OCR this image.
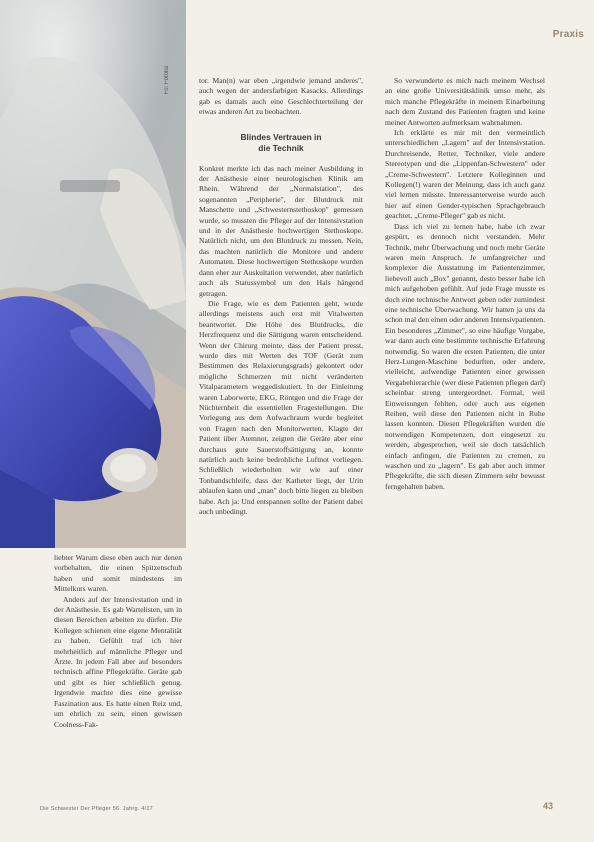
Praxis
Fo: Fotolia

liebter Warum diese eben auch nur denen vorbehalten, die einen Spitzenschuh haben und somit mindestens im Mittelkurs waren.

Anders auf der Intensivstation und in der Anästhesie. Es gab Wartelisten, um in diesen Bereichen arbeiten zu dürfen. Die Kollegen schienen eine eigene Mentalität zu haben. Gefühlt traf ich hier mehrheitlich auf männliche Pfleger und Ärzte. In jedem Fall aber auf besonders technisch affine Pflegekräfte. Geräte gab und gibt es hier schließlich genug. Irgendwie machte dies eine gewisse Faszination aus. Es hatte einen Reiz und, um ehrlich zu sein, einen gewissen Coolness-Fak-

tor. Man(n) war eben „irgendwie jemand anderes", auch wegen der andersfarbigen Kasacks. Allerdings gab es damals auch eine Geschlechterteilung der etwas anderen Art zu beobachten.

Blindes Vertrauen in
die Technik

Konkret merkte ich das nach meiner Ausbildung in der Anästhesie einer neurologischen Klinik am Rhein. Während der „Normalstation", des sogenannten „Peripherie", der Blutdruck mit Manschette und „Schwesternstethoskop" gemessen wurde, so mussten die Pfleger auf der Intensivstation und in der Anästhesie hochwertigen Stethoskope. Natürlich nicht, um den Blutdruck zu messen. Nein, das machten natürlich die Monitore und andere Automaten. Diese hochwertigen Stethoskope wurden dann eher zur Auskultation verwendet, aber natürlich auch als Statussymbol um den Hals hängend getragen.

Die Frage, wie es dem Patienten geht, wurde allerdings meistens auch erst mit Vitalwerten beantwortet. Die Höhe des Blutdrucks, die Herzfrequenz und die Sättigung waren entscheidend. Wenn der Chirurg meinte, dass der Patient presst, wurde dies mit Werten des TOF (Gerät zum Bestimmen des Relaxierungsgrads) gekontert oder mögliche Schmerzen mit nicht veränderten Vitalparametern weggediskutiert. In der Einleitung waren Laborwerte, EKG, Röntgen und die Frage der Nüchternheit die essentiellen Fragestellungen. Die Vorlegung aus dem Aufwachraum wurde begleitet von Fragen nach den Monitorwerten. Klagte der Patient über Atemnot, zeigten die Geräte aber eine durchaus gute Sauerstoffsättigung an, konnte natürlich auch keine bedrohliche Luftnot vorliegen. Schließlich wiederholten wir wie auf einer Tonbandschleife, dass der Katheter liegt, der Urin ablaufen kann und „man" doch bitte liegen zu bleiben habe. Ach ja: Und entspannen sollte der Patient dabei auch unbedingt.

So verwunderte es mich nach meinem Wechsel an eine große Universitätsklinik umso mehr, als mich manche Pflegekräfte in meinem Einarbeitung nach dem Zustand des Patienten fragten und keine meiner Antworten aufmerksam wahrnahmen.

Ich erklärte es mir mit den vermeintlich unterschiedlichen „Lagern" auf der Intensivstation. Durchreisende, Retter, Techniker, viele andere Stereotypen und die „Lippenfan-Schwestern" oder „Creme-Schwestern". Letztere Kolleginnen und Kollegen(!) waren der Meinung, dass ich auch ganz viel lernen müsste. Interessanterweise wurde auch hier auf einen Gender-typischen Sprachgebrauch geachtet, „Creme-Pfleger" gab es nicht.

Dass ich viel zu lernen habe, habe ich zwar gespürt, es dennoch nicht verstanden. Mehr Technik, mehr Überwachung und noch mehr Geräte waren mein Anspruch. Je umfangreicher und komplexer die Ausstattung im Patientenzimmer, liebevoll auch „Box" genannt, desto besser habe ich mich aufgehoben gefühlt. Auf jede Frage musste es doch eine technische Antwort geben oder zumindest eine technische Überwachung. Wir hatten ja uns da schon mal den einen oder anderen Intensivpatienten. Ein besonderes „Zimmer", so eine häufige Vorgabe, war dann auch eine bestimmte technische Erfahrung notwendig. So waren die ersten Patienten, die unter Herz-Lungen-Maschine bedurften, oder andere, vielleicht, aufwendige Patienten einer gewissen Vergabehierarchie (wer diese Patienten pflegen darf) scheinbar streng untergeordnet. Formal, weil Einweisungen fehlten, oder auch aus eigenen Reihen, weil diese den Patienten nicht in Ruhe lassen konnten. Diesen Pflegekräften wurden die notwendigen Kompetenzen, dort eingesetzt zu werden, abgesprochen, weil sie doch tatsächlich einfach anfingen, die Patienten zu cremen, zu waschen und zu „lagern". Es gab aber auch immer Pflegekräfte, die sich diesen Zimmern sehr bewusst ferngehalten haben.

Die Schwester Der Pfleger 56. Jahrg. 4/17	43
